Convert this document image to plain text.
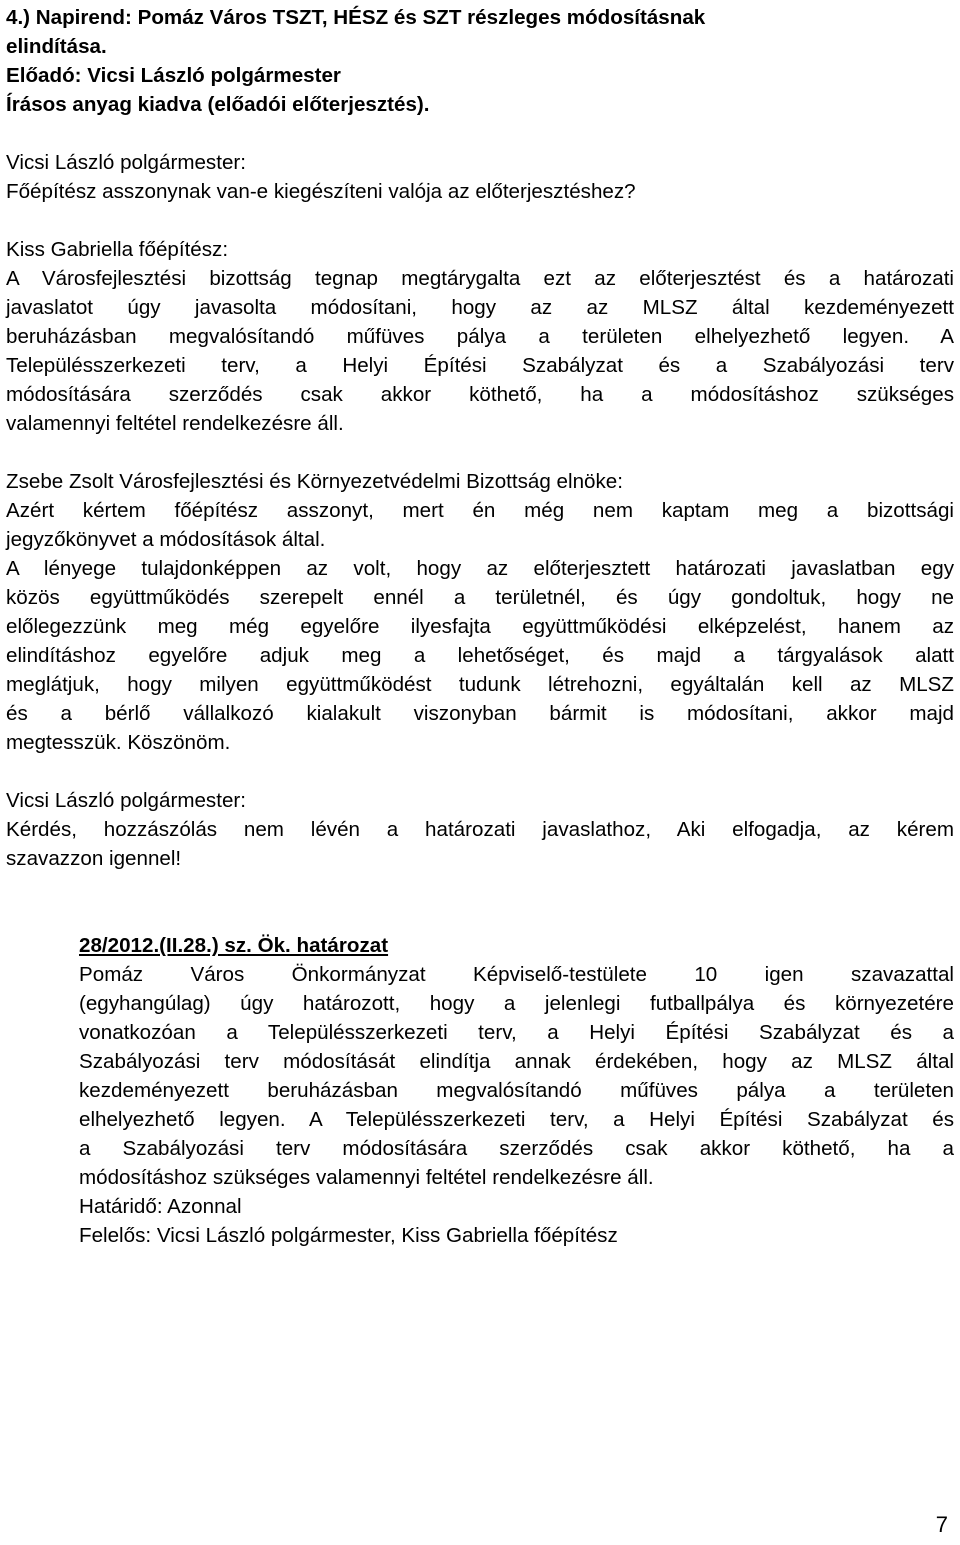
4.) Napirend: Pomáz Város TSZT, HÉSZ és SZT részleges módosításnak
elindítása.
Előadó: Vicsi László polgármester
Írásos anyag kiadva (előadói előterjesztés).
Vicsi László polgármester:
Főépítész asszonynak van-e kiegészíteni valója az előterjesztéshez?
Kiss Gabriella főépítész:
A Városfejlesztési bizottság tegnap megtárygalta ezt az előterjesztést és a határozati
javaslatot úgy javasolta módosítani, hogy az az MLSZ által kezdeményezett
beruházásban megvalósítandó műfüves pálya a területen elhelyezhető legyen. A
Településszerkezeti terv, a Helyi Építési Szabályzat és a Szabályozási terv
módosítására szerződés csak akkor köthető, ha a módosításhoz szükséges
valamennyi feltétel rendelkezésre áll.
Zsebe Zsolt Városfejlesztési és Környezetvédelmi Bizottság elnöke:
Azért kértem főépítész asszonyt, mert én még nem kaptam meg a bizottsági
jegyzőkönyvet a módosítások által.
A lényege tulajdonképpen az volt, hogy az előterjesztett határozati javaslatban egy
közös együttműködés szerepelt ennél a területnél, és úgy gondoltuk, hogy ne
előlegezzünk meg még egyelőre ilyesfajta együttműködési elképzelést, hanem az
elindításhoz egyelőre adjuk meg a lehetőséget, és majd a tárgyalások alatt
meglátjuk, hogy milyen együttműködést tudunk létrehozni, egyáltalán kell az MLSZ
és a bérlő vállalkozó kialakult viszonyban bármit is módosítani, akkor majd
megtesszük. Köszönöm.
Vicsi László polgármester:
Kérdés, hozzászólás nem lévén a határozati javaslathoz, Aki elfogadja, az kérem
szavazzon igennel!
28/2012.(II.28.) sz. Ök. határozat
Pomáz Város Önkormányzat Képviselő-testülete 10 igen szavazattal
(egyhangúlag) úgy határozott, hogy a jelenlegi futballpálya és környezetére
vonatkozóan a Településszerkezeti terv, a Helyi Építési Szabályzat és a
Szabályozási terv módosítását elindítja annak érdekében, hogy az MLSZ által
kezdeményezett beruházásban megvalósítandó műfüves pálya a területen
elhelyezhető legyen. A Településszerkezeti terv, a Helyi Építési Szabályzat és
a Szabályozási terv módosítására szerződés csak akkor köthető, ha a
módosításhoz szükséges valamennyi feltétel rendelkezésre áll.
Határidő: Azonnal
Felelős: Vicsi László polgármester, Kiss Gabriella főépítész
7
